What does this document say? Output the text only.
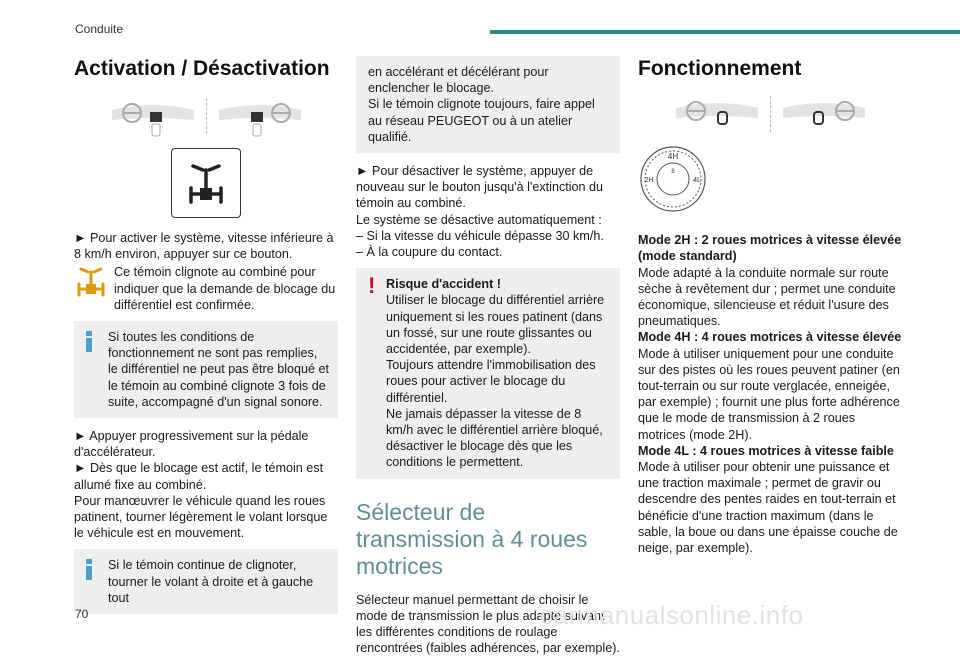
Conduite
Activation / Désactivation

► Pour activer le système, vitesse inférieure à 8 km/h environ, appuyer sur ce bouton.

Ce témoin clignote au combiné pour indiquer que la demande de blocage du différentiel est confirmée.

Si toutes les conditions de fonctionnement ne sont pas remplies, le différentiel ne peut pas être bloqué et le témoin au combiné clignote 3 fois de suite, accompagné d'un signal sonore.

► Appuyer progressivement sur la pédale d'accélérateur.

► Dès que le blocage est actif, le témoin est allumé fixe au combiné.

Pour manœuvrer le véhicule quand les roues patinent, tourner légèrement le volant lorsque le véhicule est en mouvement.

Si le témoin continue de clignoter, tourner le volant à droite et à gauche tout

en accélérant et décélérant pour enclencher le blocage.

Si le témoin clignote toujours, faire appel au réseau PEUGEOT ou à un atelier qualifié.

► Pour désactiver le système, appuyer de nouveau sur le bouton jusqu'à l'extinction du témoin au combiné.

Le système se désactive automatiquement :

– Si la vitesse du véhicule dépasse 30 km/h.

– À la coupure du contact.

! Risque d'accident !

Utiliser le blocage du différentiel arrière uniquement si les roues patinent (dans un fossé, sur une route glissantes ou accidentée, par exemple).

Toujours attendre l'immobilisation des roues pour activer le blocage du différentiel.

Ne jamais dépasser la vitesse de 8 km/h avec le différentiel arrière bloqué, désactiver le blocage dès que les conditions le permettent.

Sélecteur de transmission à 4 roues motrices

Sélecteur manuel permettant de choisir le mode de transmission le plus adapté suivant les différentes conditions de roulage rencontrées (faibles adhérences, par exemple).

Fonctionnement
4H
2H	4L
8

Mode 2H : 2 roues motrices à vitesse élevée (mode standard)

Mode adapté à la conduite normale sur route sèche à revêtement dur ; permet une conduite économique, silencieuse et réduit l'usure des pneumatiques.

Mode 4H : 4 roues motrices à vitesse élevée

Mode à utiliser uniquement pour une conduite sur des pistes où les roues peuvent patiner (en tout-terrain ou sur route verglacée, enneigée, par exemple) ; fournit une plus forte adhérence que le mode de transmission à 2 roues motrices (mode 2H).

Mode 4L : 4 roues motrices à vitesse faible

Mode à utiliser pour obtenir une puissance et une traction maximale ; permet de gravir ou descendre des pentes raides en tout-terrain et bénéficie d'une traction maximum (dans le sable, la boue ou dans une épaisse couche de neige, par exemple).

70	carmanualsonline.info
